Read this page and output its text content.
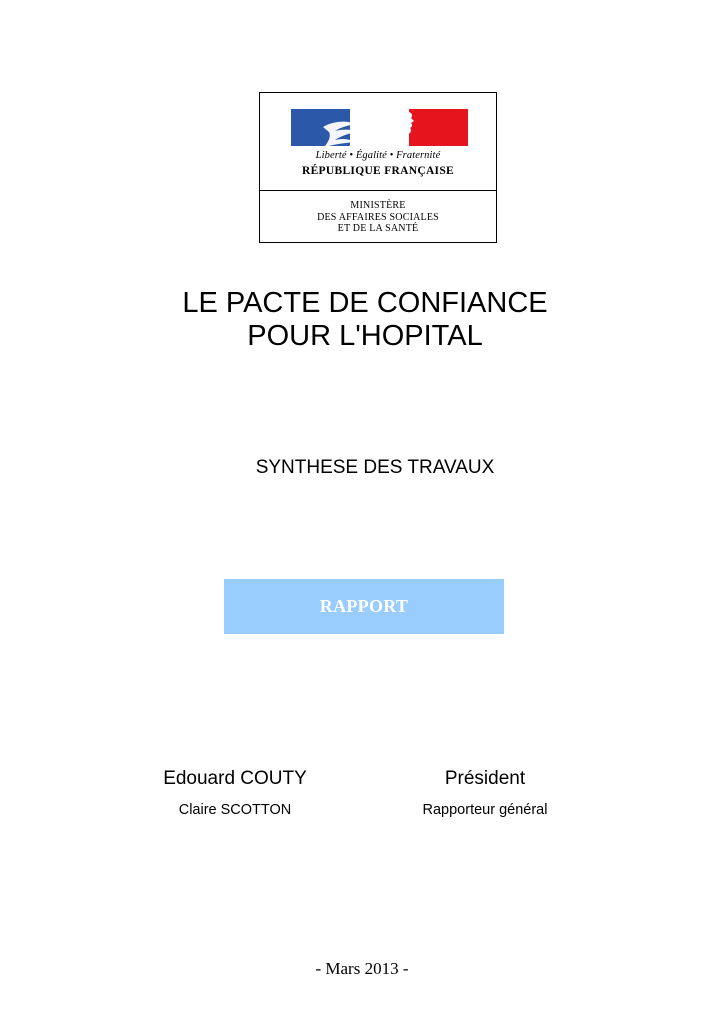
Liberté • Égalité • Fraternité
RÉPUBLIQUE FRANÇAISE
MINISTÈRE
DES AFFAIRES SOCIALES
ET DE LA SANTÉ
LE PACTE DE CONFIANCE
POUR L'HOPITAL
SYNTHESE DES TRAVAUX
RAPPORT
Edouard COUTY	Président
Claire SCOTTON	Rapporteur général
- Mars 2013 -
